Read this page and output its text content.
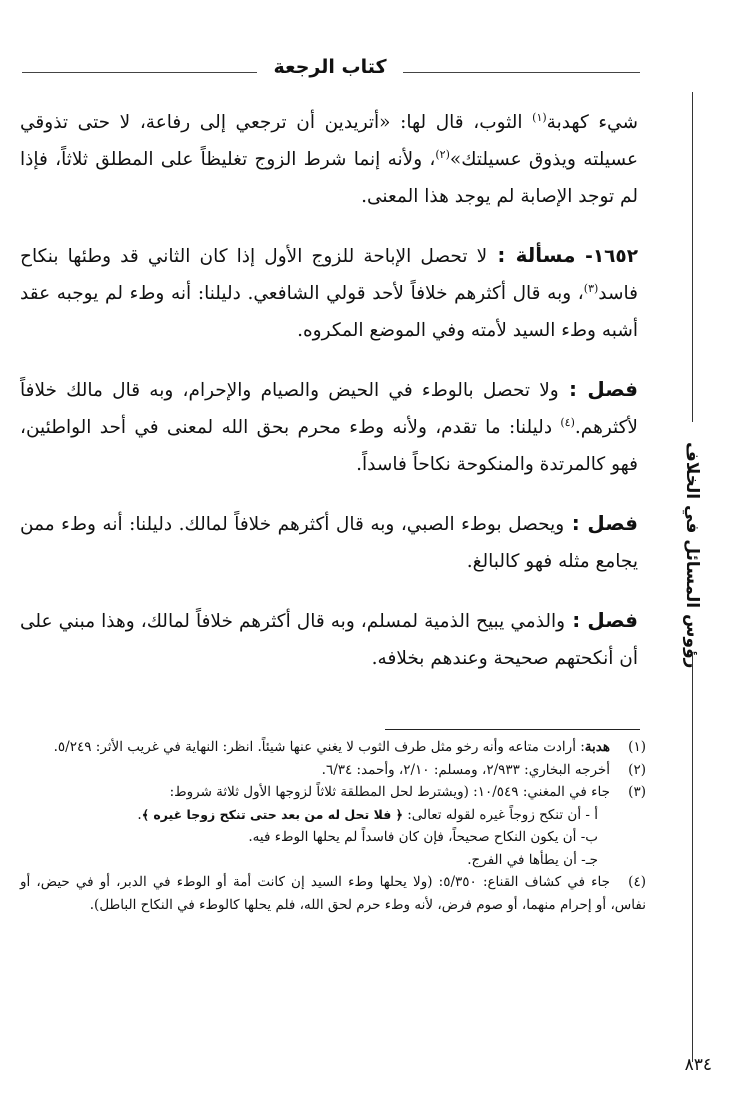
كتاب الرجعة
رؤوس المسائل في الخلاف

شيء كهدبة$^{(١)}$ الثوب، قال لها: «أتريدين أن ترجعي إلى رفاعة، لا حتى تذوقي عسيلته ويذوق عسيلتك»$^{(٢)}$، ولأنه إنما شرط الزوج تغليظاً على المطلق ثلاثاً، فإذا لم توجد الإصابة لم يوجد هذا المعنى.

١٦٥٢- مسألة : لا تحصل الإباحة للزوج الأول إذا كان الثاني قد وطئها بنكاح فاسد$^{(٣)}$، وبه قال أكثرهم خلافاً لأحد قولي الشافعي. دليلنا: أنه وطء لم يوجبه عقد أشبه وطء السيد لأمته وفي الموضع المكروه.

فصل : ولا تحصل بالوطء في الحيض والصيام والإحرام، وبه قال مالك خلافاً لأكثرهم.$^{(٤)}$ دليلنا: ما تقدم، ولأنه وطء محرم بحق الله لمعنى في أحد الواطئين، فهو كالمرتدة والمنكوحة نكاحاً فاسداً.

فصل : ويحصل بوطء الصبي، وبه قال أكثرهم خلافاً لمالك. دليلنا: أنه وطء ممن يجامع مثله فهو كالبالغ.

فصل : والذمي يبيح الذمية لمسلم، وبه قال أكثرهم خلافاً لمالك، وهذا مبني على أن أنكحتهم صحيحة وعندهم بخلافه.

(١)هدبة: أرادت متاعه وأنه رخو مثل طرف الثوب لا يغني عنها شيئاً. انظر: النهاية في غريب الأثر: ٥/٢٤٩.

(٢)أخرجه البخاري: ٢/٩٣٣، ومسلم: ٢/١٠، وأحمد: ٦/٣٤.

(٣)جاء في المغني: ١٠/٥٤٩: (ويشترط لحل المطلقة ثلاثاً لزوجها الأول ثلاثة شروط:

أ - أن تنكح زوجاً غيره لقوله تعالى: ﴿ فلا تحل له من بعد حتى تنكح زوجا غيره ﴾.

ب- أن يكون النكاح صحيحاً، فإن كان فاسداً لم يحلها الوطء فيه.

جـ- أن يطأها في الفرج.

(٤)جاء في كشاف القناع: ٥/٣٥٠: (ولا يحلها وطء السيد إن كانت أمة أو الوطء في الدبر، أو في حيض، أو نفاس، أو إحرام منهما، أو صوم فرض، لأنه وطء حرم لحق الله، فلم يحلها كالوطء في النكاح الباطل).

٨٣٤
